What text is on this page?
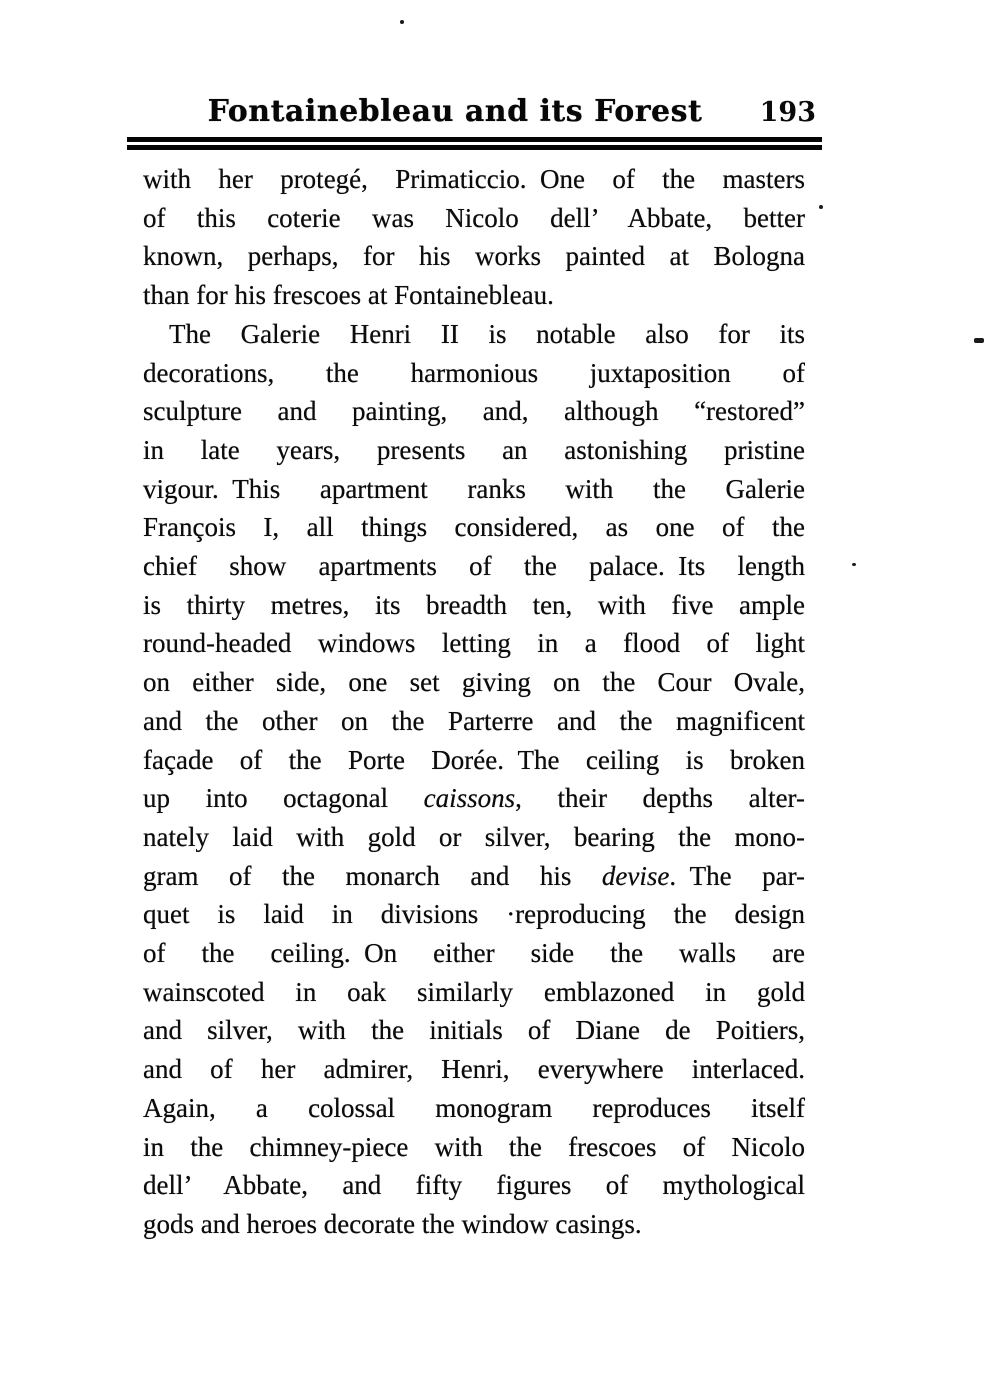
Fontainebleau and its Forest	193
with her protegé, Primaticcio. One of the masters
of this coterie was Nicolo dell’ Abbate, better
known, perhaps, for his works painted at Bologna
than for his frescoes at Fontainebleau.
The Galerie Henri II is notable also for its
decorations, the harmonious juxtaposition of
sculpture and painting, and, although “restored”
in late years, presents an astonishing pristine
vigour. This apartment ranks with the Galerie
François I, all things considered, as one of the
chief show apartments of the palace. Its length
is thirty metres, its breadth ten, with five ample
round-headed windows letting in a flood of light
on either side, one set giving on the Cour Ovale,
and the other on the Parterre and the magnificent
façade of the Porte Dorée. The ceiling is broken
up into octagonal caissons, their depths alter-
nately laid with gold or silver, bearing the mono-
gram of the monarch and his devise. The par-
quet is laid in divisions ·reproducing the design
of the ceiling. On either side the walls are
wainscoted in oak similarly emblazoned in gold
and silver, with the initials of Diane de Poitiers,
and of her admirer, Henri, everywhere interlaced.
Again, a colossal monogram reproduces itself
in the chimney-piece with the frescoes of Nicolo
dell’ Abbate, and fifty figures of mythological
gods and heroes decorate the window casings.
